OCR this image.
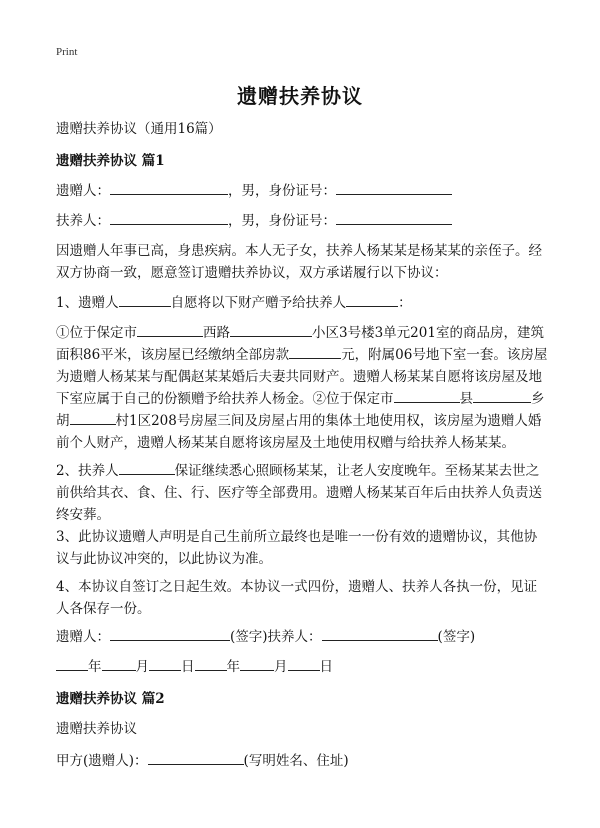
Print
遗赠扶养协议
遗赠扶养协议（通用16篇）
遗赠扶养协议 篇1
遗赠人：	，男，身份证号：
扶养人：	，男，身份证号：
因遗赠人年事已高，身患疾病。本人无子女，扶养人杨某某是杨某某的亲侄子。经双方协商一致，愿意签订遗赠扶养协议，双方承诺履行以下协议：
1、遗赠人	自愿将以下财产赠予给扶养人	：
①位于保定市	西路	小区3号楼3单元201室的商品房，建筑面积86平米，该房屋已经缴纳全部房款	元，附属06号地下室一套。该房屋为遗赠人杨某某与配偶赵某某婚后夫妻共同财产。遗赠人杨某某自愿将该房屋及地下室应属于自己的份额赠予给扶养人杨金。②位于保定市	县	乡胡	村1区208号房屋三间及房屋占用的集体土地使用权，该房屋为遗赠人婚前个人财产，遗赠人杨某某自愿将该房屋及土地使用权赠与给扶养人杨某某。
2、扶养人	保证继续悉心照顾杨某某，让老人安度晚年。至杨某某去世之前供给其衣、食、住、行、医疗等全部费用。遗赠人杨某某百年后由扶养人负责送终安葬。
3、此协议遗赠人声明是自己生前所立最终也是唯一一份有效的遗赠协议，其他协议与此协议冲突的，以此协议为准。
4、本协议自签订之日起生效。本协议一式四份，遗赠人、扶养人各执一份，见证人各保存一份。
遗赠人：	(签字)扶养人：	(签字)
年	月 日 年	月 日
遗赠扶养协议 篇2
遗赠扶养协议
甲方(遗赠人)：	(写明姓名、住址)
